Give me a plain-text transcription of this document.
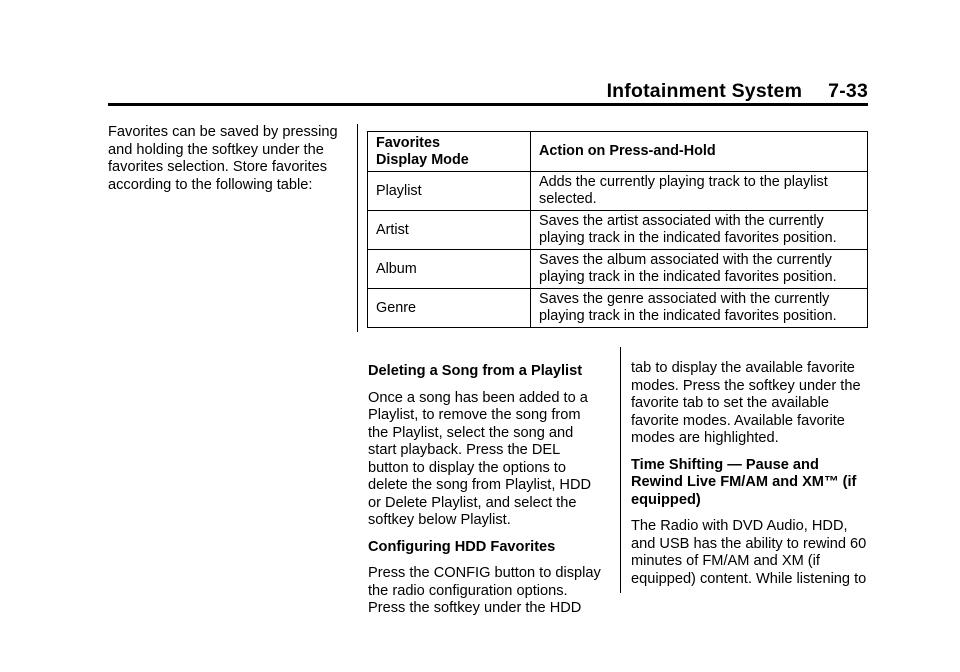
Infotainment System 7-33
Favorites can be saved by pressing and holding the softkey under the favorites selection. Store favorites according to the following table:
Favorites
Display Mode	Action on Press-and-Hold
Playlist	Adds the currently playing track to the playlist selected.
Artist	Saves the artist associated with the currently playing track in the indicated favorites position.
Album	Saves the album associated with the currently playing track in the indicated favorites position.
Genre	Saves the genre associated with the currently playing track in the indicated favorites position.

Deleting a Song from a Playlist

Once a song has been added to a Playlist, to remove the song from the Playlist, select the song and start playback. Press the DEL button to display the options to delete the song from Playlist, HDD or Delete Playlist, and select the softkey below Playlist.

Configuring HDD Favorites

Press the CONFIG button to display the radio configuration options. Press the softkey under the HDD

tab to display the available favorite modes. Press the softkey under the favorite tab to set the available favorite modes. Available favorite modes are highlighted.

Time Shifting — Pause and Rewind Live FM/AM and XM™ (if equipped)

The Radio with DVD Audio, HDD, and USB has the ability to rewind 60 minutes of FM/AM and XM (if equipped) content. While listening to
